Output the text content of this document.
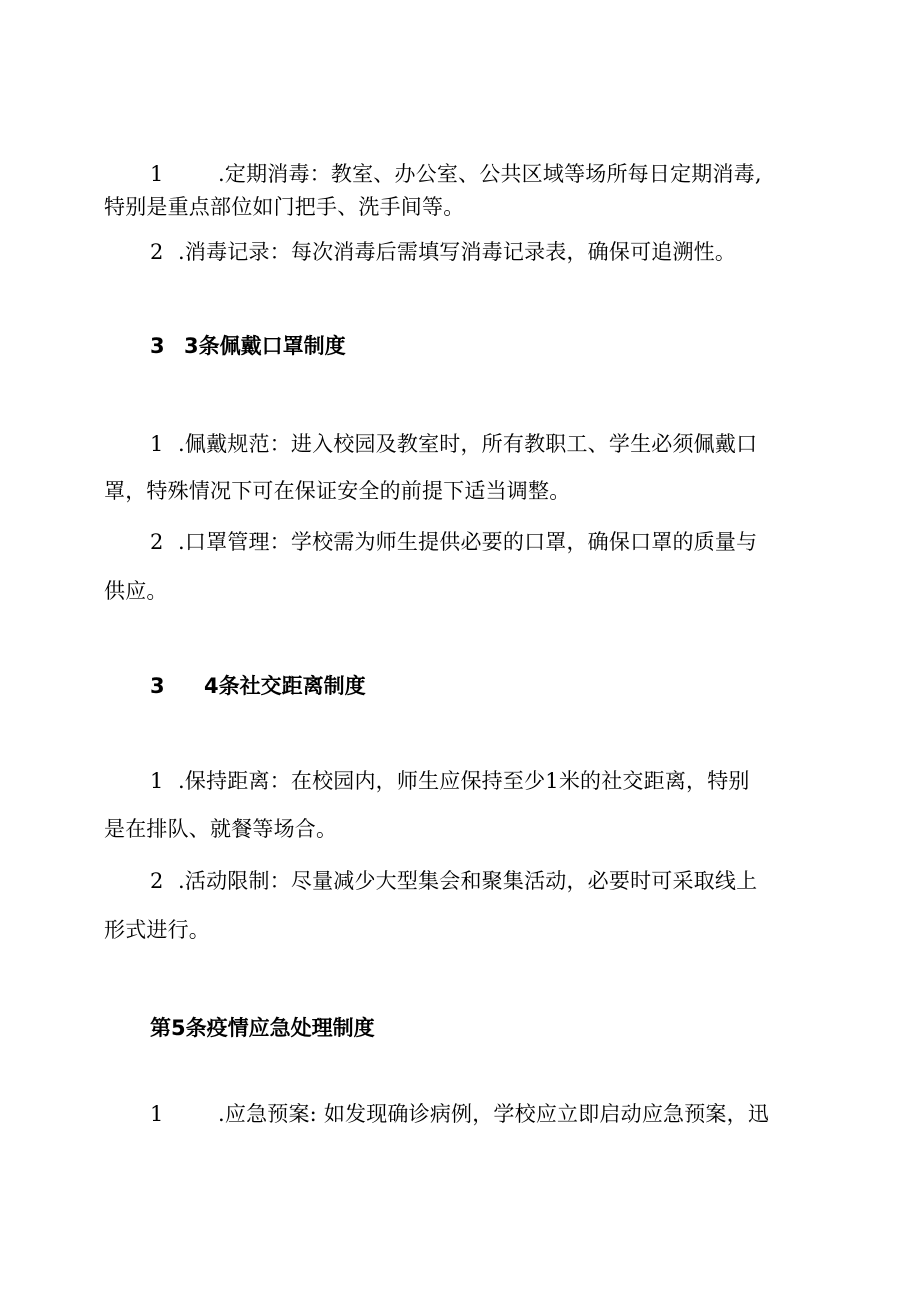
1	.定期消毒：教室、办公室、公共区域等场所每日定期消毒,
特别是重点部位如门把手、洗手间等。
2 .消毒记录：每次消毒后需填写消毒记录表，确保可追溯性。
3 3条佩戴口罩制度
1 .佩戴规范：进入校园及教室时，所有教职工、学生必须佩戴口
罩，特殊情况下可在保证安全的前提下适当调整。
2 .口罩管理：学校需为师生提供必要的口罩，确保口罩的质量与
供应。
3 4条社交距离制度
1 .保持距离：在校园内，师生应保持至少1米的社交距离，特别
是在排队、就餐等场合。
2 .活动限制：尽量减少大型集会和聚集活动，必要时可采取线上
形式进行。
第5条疫情应急处理制度
1	.应急预案: 如发现确诊病例，学校应立即启动应急预案，迅
